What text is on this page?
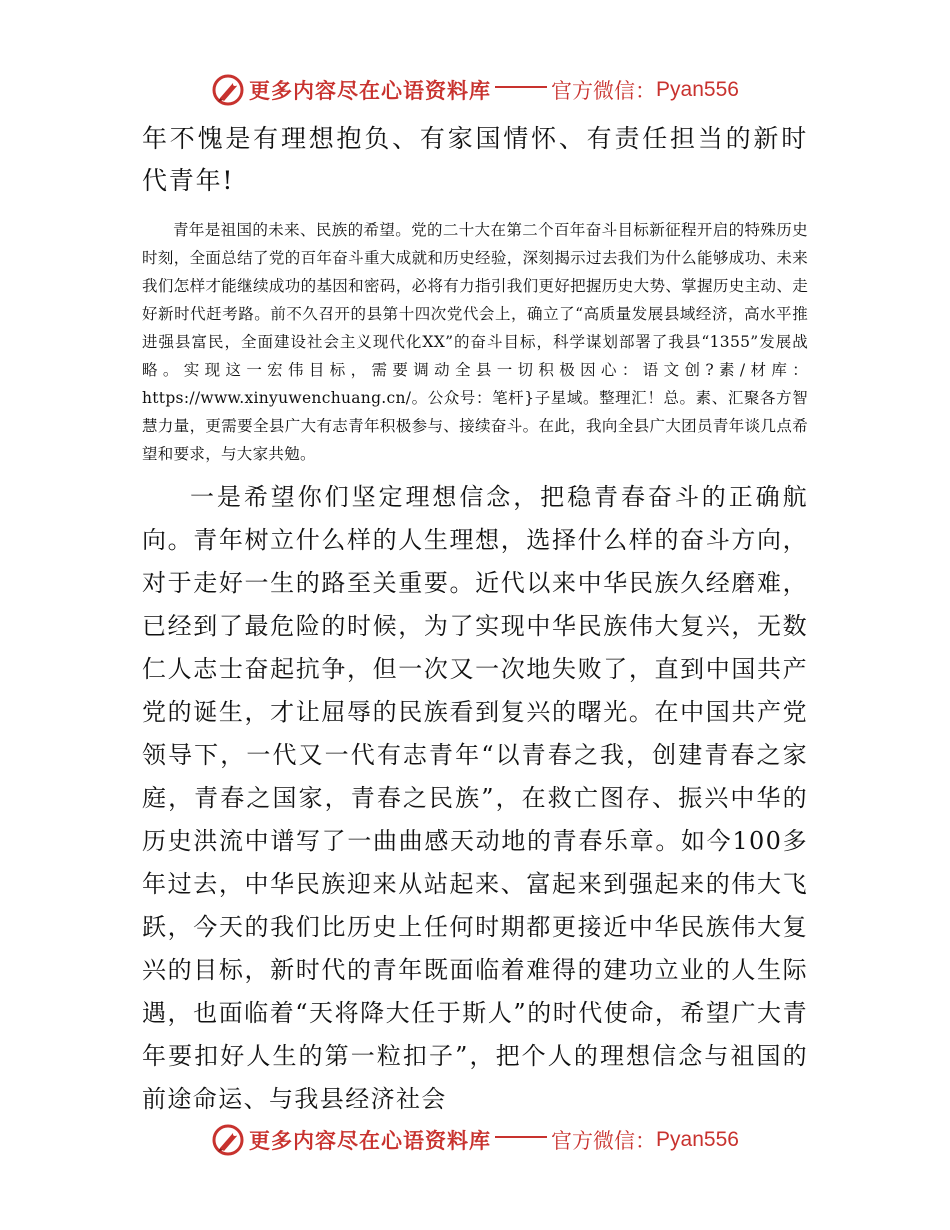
更多内容尽在心语资料库	官方微信： Pyan556

年不愧是有理想抱负、有家国情怀、有责任担当的新时代青年!

青年是祖国的未来、民族的希望。党的二十大在第二个百年奋斗目标新征程开启的特殊历史时刻，全面总结了党的百年奋斗重大成就和历史经验，深刻揭示过去我们为什么能够成功、未来我们怎样才能继续成功的基因和密码，必将有力指引我们更好把握历史大势、掌握历史主动、走好新时代赶考路。前不久召开的县第十四次党代会上，确立了“高质量发展县域经济，高水平推进强县富民，全面建设社会主义现代化XX”的奋斗目标，科学谋划部署了我县“1355”发展战略。实现这一宏伟目标，需要调动全县一切积极因心：语文创?素/材库：https://www.xinyuwenchuang.cn/。公众号：笔杆}子星域。整理汇！总。素、汇聚各方智慧力量，更需要全县广大有志青年积极参与、接续奋斗。在此，我向全县广大团员青年谈几点希望和要求，与大家共勉。

一是希望你们坚定理想信念，把稳青春奋斗的正确航向。青年树立什么样的人生理想，选择什么样的奋斗方向，对于走好一生的路至关重要。近代以来中华民族久经磨难，已经到了最危险的时候，为了实现中华民族伟大复兴，无数仁人志士奋起抗争，但一次又一次地失败了，直到中国共产党的诞生，才让屈辱的民族看到复兴的曙光。在中国共产党领导下，一代又一代有志青年“以青春之我，创建青春之家庭，青春之国家，青春之民族”，在救亡图存、振兴中华的历史洪流中谱写了一曲曲感天动地的青春乐章。如今100多年过去，中华民族迎来从站起来、富起来到强起来的伟大飞跃，今天的我们比历史上任何时期都更接近中华民族伟大复兴的目标，新时代的青年既面临着难得的建功立业的人生际遇，也面临着“天将降大任于斯人”的时代使命，希望广大青年要扣好人生的第一粒扣子”，把个人的理想信念与祖国的前途命运、与我县经济社会

更多内容尽在心语资料库	官方微信： Pyan556
